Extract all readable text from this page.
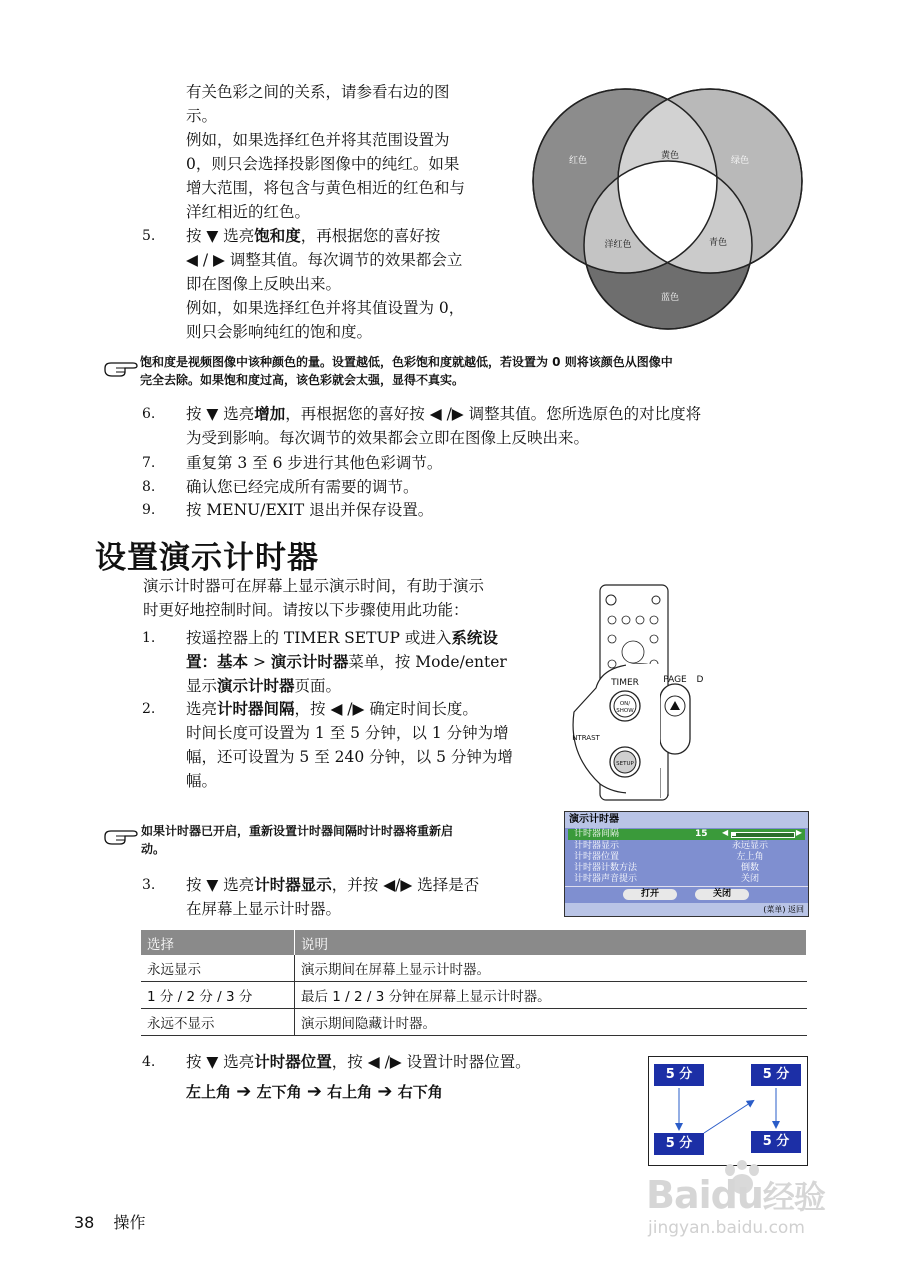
有关色彩之间的关系，请参看右边的图
示。
例如，如果选择红色并将其范围设置为
0，则只会选择投影图像中的纯红。如果
增大范围，将包含与黄色相近的红色和与
洋红相近的红色。
5. 按 ▼ 选亮饱和度，再根据您的喜好按
◀ / ▶ 调整其值。每次调节的效果都会立
即在图像上反映出来。
例如，如果选择红色并将其值设置为 0，
则只会影响纯红的饱和度。
红色	黄色	绿色
洋红色	青色
蓝色
饱和度是视频图像中该种颜色的量。设置越低，色彩饱和度就越低，若设置为 0 则将该颜色从图像中
完全去除。如果饱和度过高，该色彩就会太强，显得不真实。
6. 按 ▼ 选亮增加，再根据您的喜好按 ◀ /▶ 调整其值。您所选原色的对比度将
为受到影响。每次调节的效果都会立即在图像上反映出来。
7. 重复第 3 至 6 步进行其他色彩调节。
8. 确认您已经完成所有需要的调节。
9. 按 MENU/EXIT 退出并保存设置。
设置演示计时器
演示计时器可在屏幕上显示演示时间，有助于演示
时更好地控制时间。请按以下步骤使用此功能：
1. 按遥控器上的 TIMER SETUP 或进入系统设
置：基本 > 演示计时器菜单，按 Mode/enter
显示演示计时器页面。
2. 选亮计时器间隔，按 ◀ /▶ 确定时间长度。
时间长度可设置为 1 至 5 分钟，以 1 分钟为增
幅，还可设置为 5 至 240 分钟，以 5 分钟为增
幅。
TIMER
ON/
SHOW
NTRAST
SETUP
PAGE D
如果计时器已开启，重新设置计时器间隔时计时器将重新启
动。
演示计时器
计时器间隔	15 ◀	▶
计时器显示	永远显示
计时器位置	左上角
计时器计数方法	倒数
计时器声音提示	关闭
打开	关闭
(菜单) 返回
3. 按 ▼ 选亮计时器显示，并按 ◀/▶ 选择是否
在屏幕上显示计时器。
选择	说明
永远显示	演示期间在屏幕上显示计时器。
1 分 / 2 分 / 3 分	最后 1 / 2 / 3 分钟在屏幕上显示计时器。
永远不显示	演示期间隐藏计时器。
4. 按 ▼ 选亮计时器位置，按 ◀ /▶ 设置计时器位置。
左上角 ➔ 左下角 ➔ 右上角 ➔ 右下角
5 分	5 分
5 分	5 分
Baidu经验
jingyan.baidu.com
38 操作
